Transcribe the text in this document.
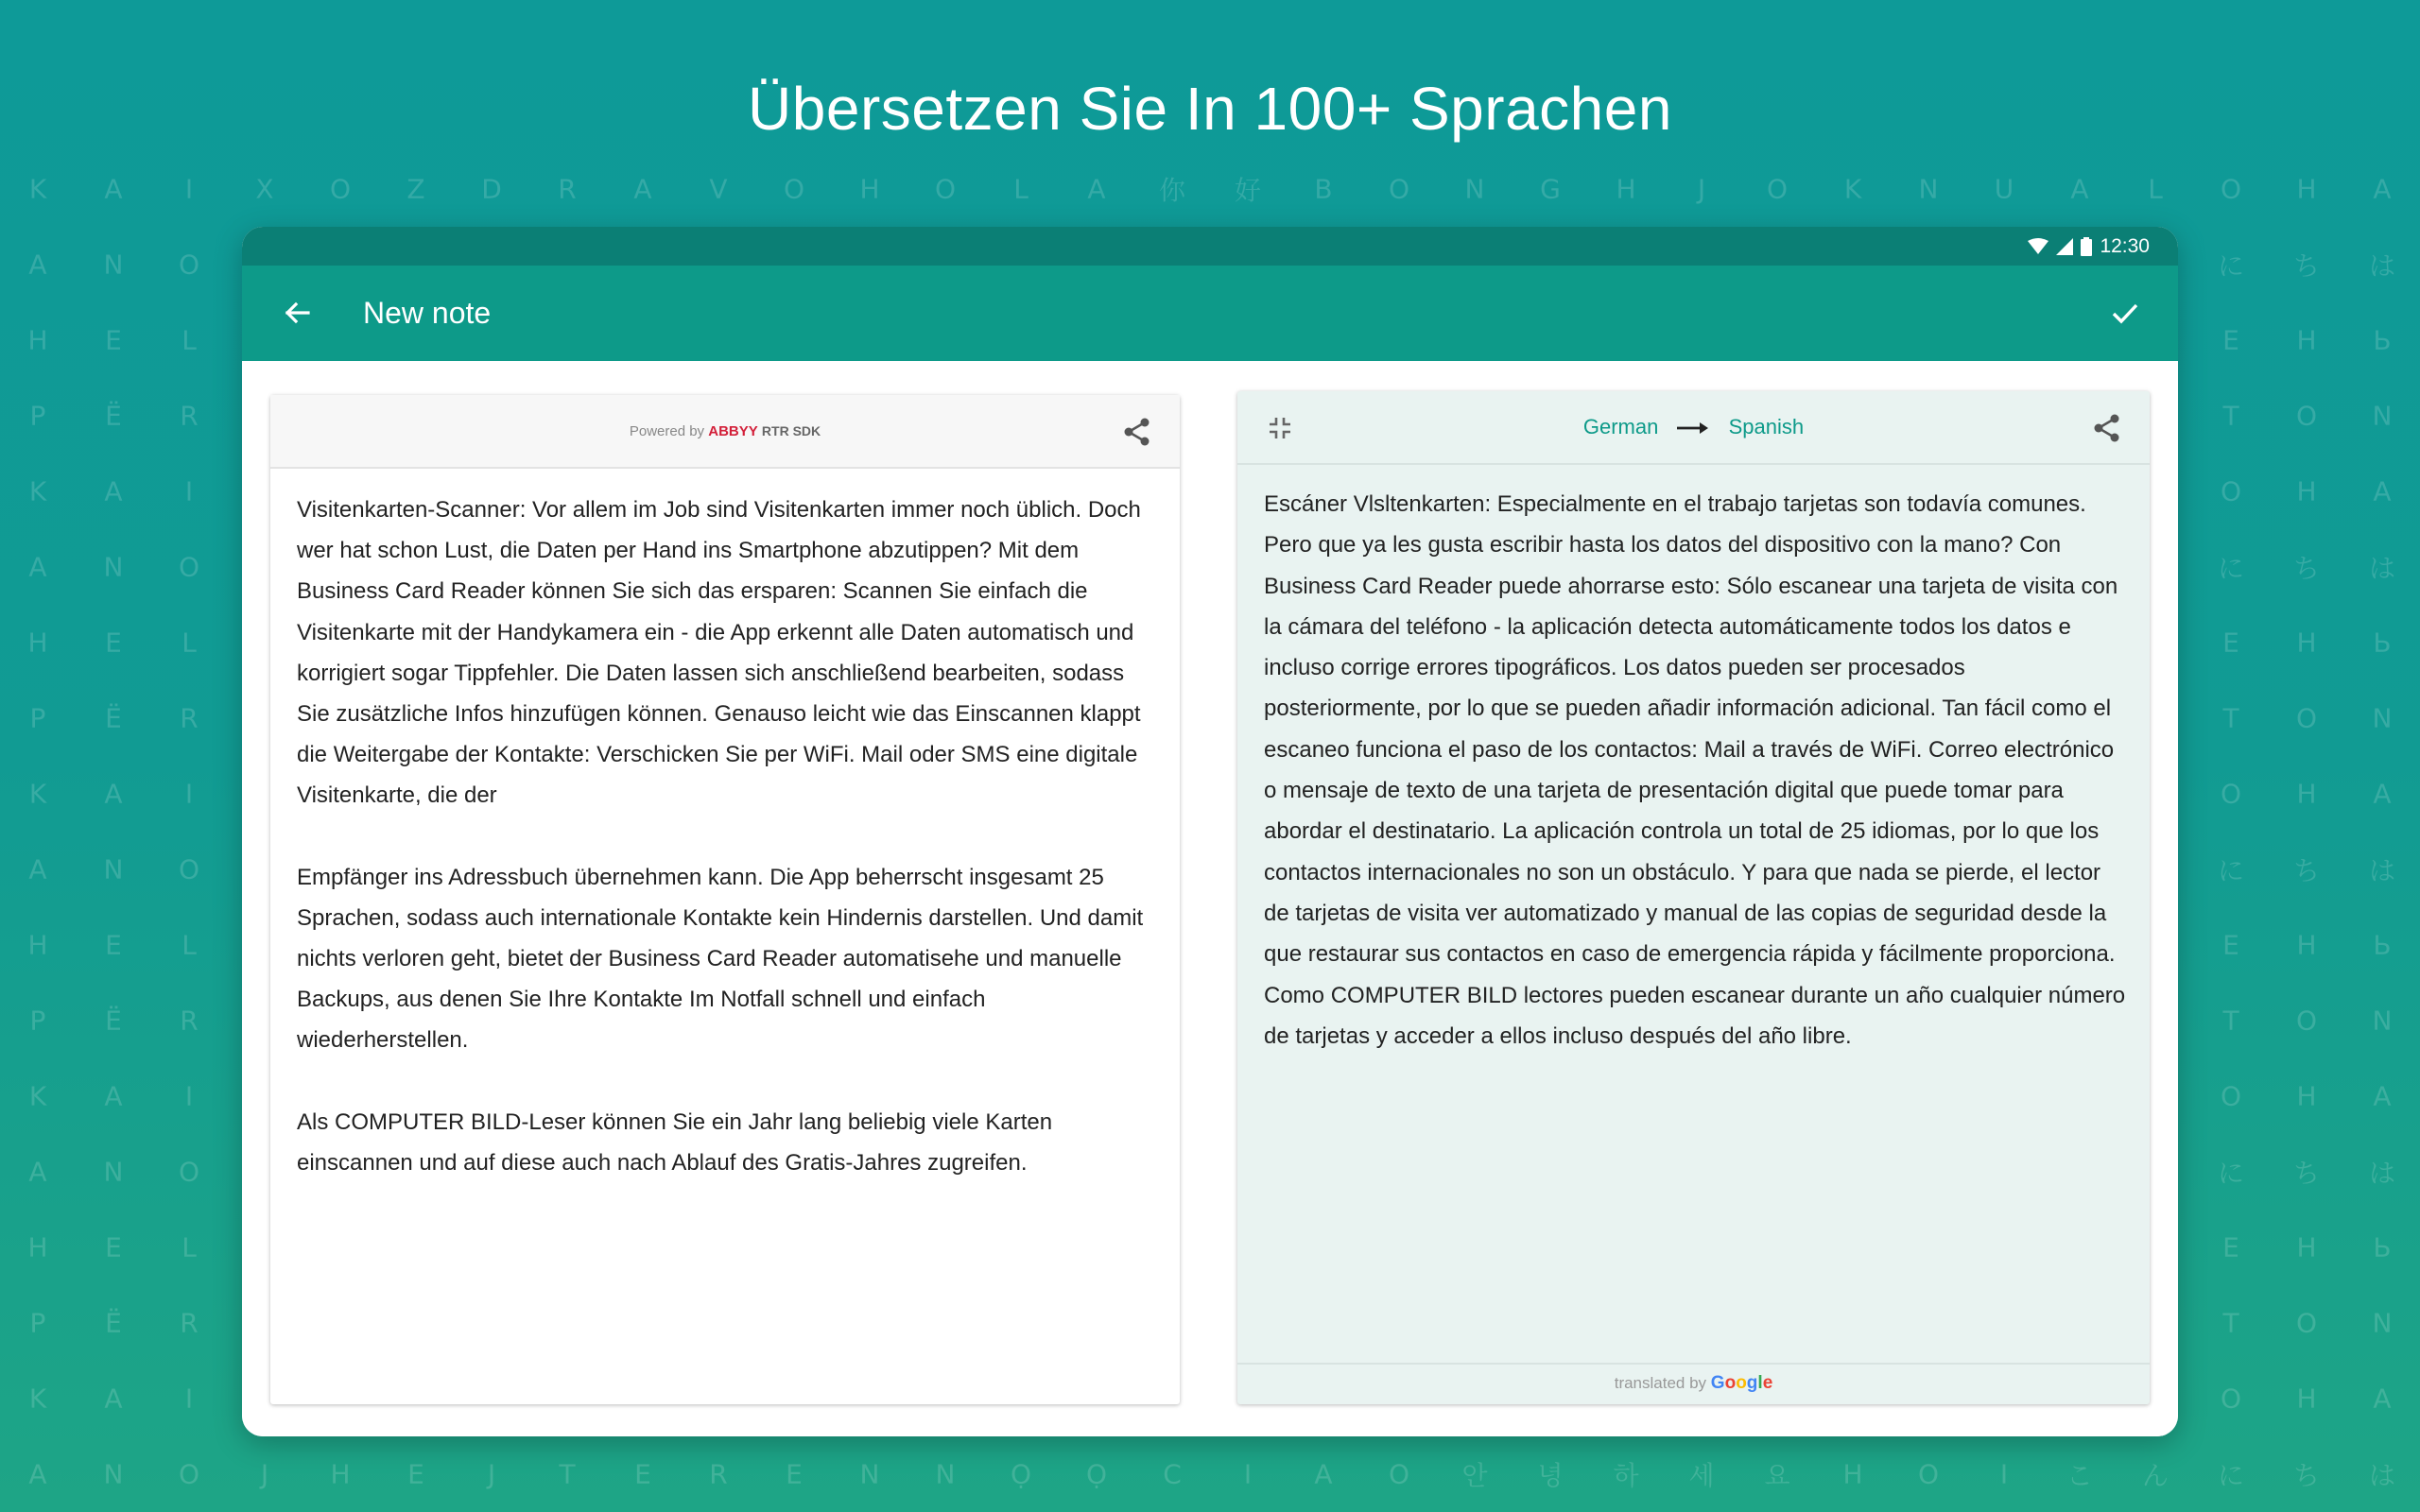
K A I X O Z D R A V O H O L A 你 好 B O N G H J O K N U A L O H A
A N O	に ち は
H E L	E H Ь
P Ë R	T O N
K A I	O H A
A N O	に ち は
H E L	E H Ь
P Ë R	T O N
K A I	O H A
A N O	に ち は
H E L	E H Ь
P Ë R	T O N
K A I	O H A
A N O	に ち は
H E L	E H Ь
P Ë R	T O N
K A I	O H A
A N O J H E J T E R E N N Ọ Ọ C I A O 안 녕 하 세 요 H O I こ ん に ち は
Übersetzen Sie In 100+ Sprachen
12:30
New note
Powered by ABBYY RTR SDK

Visitenkarten-Scanner: Vor allem im Job sind Visitenkarten immer noch üblich. Doch wer hat schon Lust, die Daten per Hand ins Smartphone abzutippen? Mit dem Business Card Reader können Sie sich das ersparen: Scannen Sie einfach die Visitenkarte mit der Handykamera ein - die App erkennt alle Daten automatisch und korrigiert sogar Tippfehler. Die Daten lassen sich anschließend bearbeiten, sodass Sie zusätzliche Infos hinzufügen können. Genauso leicht wie das Einscannen klappt die Weitergabe der Kontakte: Verschicken Sie per WiFi. Mail oder SMS eine digitale Visitenkarte, die der

Empfänger ins Adressbuch übernehmen kann. Die App beherrscht insgesamt 25 Sprachen, sodass auch internationale Kontakte kein Hindernis darstellen. Und damit nichts verloren geht, bietet der Business Card Reader automatisehe und manuelle Backups, aus denen Sie Ihre Kontakte Im Notfall schnell und einfach wiederherstellen.

Als COMPUTER BILD-Leser können Sie ein Jahr lang beliebig viele Karten einscannen und auf diese auch nach Ablauf des Gratis-Jahres zugreifen.

German	Spanish
Escáner Vlsltenkarten: Especialmente en el trabajo tarjetas son todavía comunes. Pero que ya les gusta escribir hasta los datos del dispositivo con la mano? Con Business Card Reader puede ahorrarse esto: Sólo escanear una tarjeta de visita con la cámara del teléfono - la aplicación detecta automáticamente todos los datos e incluso corrige errores tipográficos. Los datos pueden ser procesados posteriormente, por lo que se pueden añadir información adicional. Tan fácil como el escaneo funciona el paso de los contactos: Mail a través de WiFi. Correo electrónico o mensaje de texto de una tarjeta de presentación digital que puede tomar para abordar el destinatario. La aplicación controla un total de 25 idiomas, por lo que los contactos internacionales no son un obstáculo. Y para que nada se pierde, el lector de tarjetas de visita ver automatizado y manual de las copias de seguridad desde la que restaurar sus contactos en caso de emergencia rápida y fácilmente proporciona. Como COMPUTER BILD lectores pueden escanear durante un año cualquier número de tarjetas y acceder a ellos incluso después del año libre.
translated by Google
